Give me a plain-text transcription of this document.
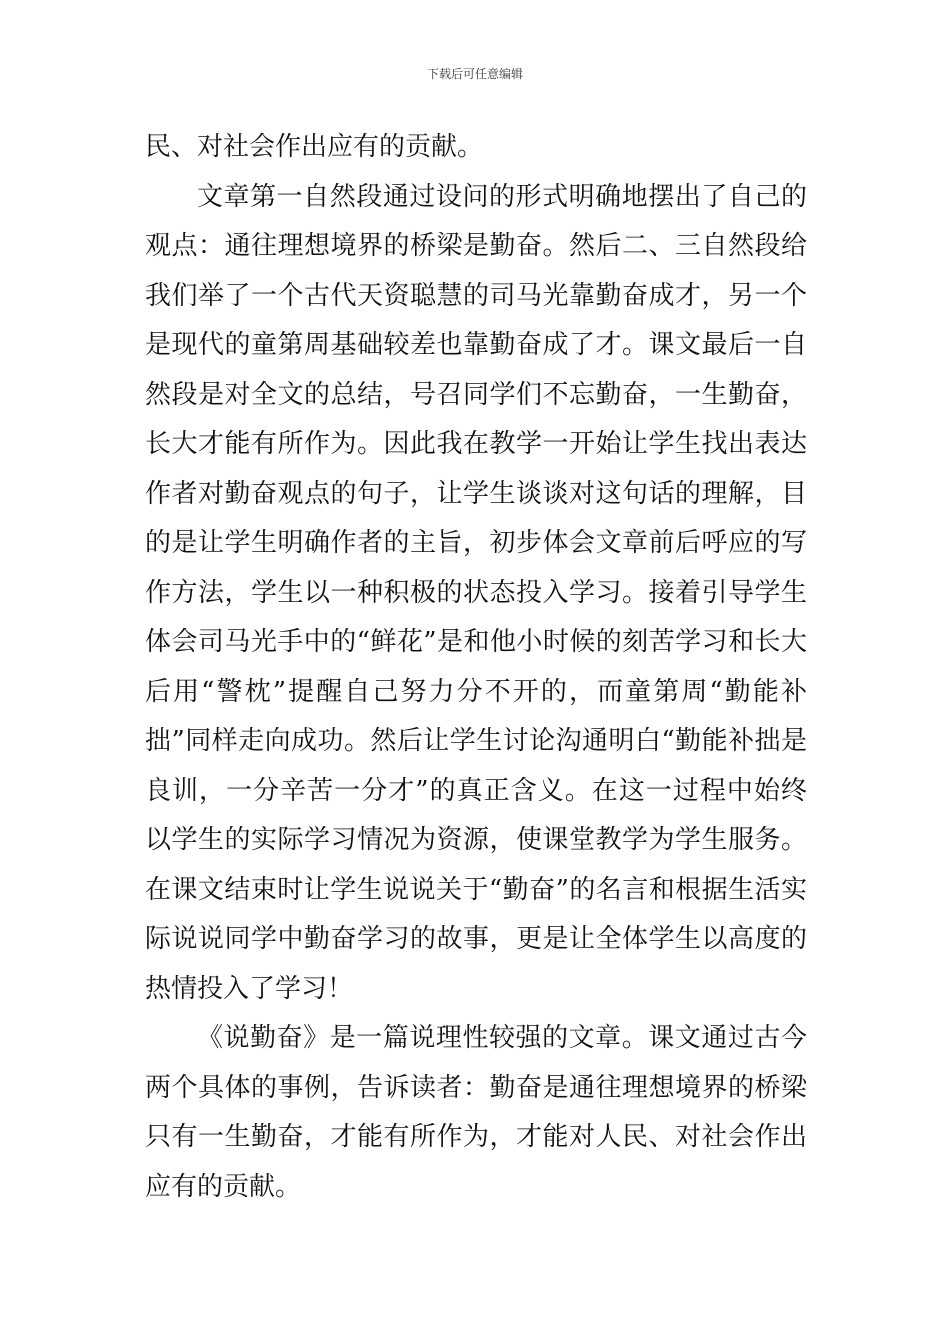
下载后可任意编辑

民、对社会作出应有的贡献。

文章第一自然段通过设问的形式明确地摆出了自己的观点：通往理想境界的桥梁是勤奋。然后二、三自然段给我们举了一个古代天资聪慧的司马光靠勤奋成才，另一个是现代的童第周基础较差也靠勤奋成了才。课文最后一自然段是对全文的总结，号召同学们不忘勤奋，一生勤奋，长大才能有所作为。因此我在教学一开始让学生找出表达作者对勤奋观点的句子，让学生谈谈对这句话的理解，目的是让学生明确作者的主旨，初步体会文章前后呼应的写作方法，学生以一种积极的状态投入学习。接着引导学生体会司马光手中的“鲜花”是和他小时候的刻苦学习和长大后用“警枕”提醒自己努力分不开的，而童第周“勤能补拙”同样走向成功。然后让学生讨论沟通明白“勤能补拙是良训，一分辛苦一分才”的真正含义。在这一过程中始终以学生的实际学习情况为资源，使课堂教学为学生服务。在课文结束时让学生说说关于“勤奋”的名言和根据生活实际说说同学中勤奋学习的故事，更是让全体学生以高度的热情投入了学习！

《说勤奋》是一篇说理性较强的文章。课文通过古今两个具体的事例，告诉读者：勤奋是通往理想境界的桥梁只有一生勤奋，才能有所作为，才能对人民、对社会作出应有的贡献。
